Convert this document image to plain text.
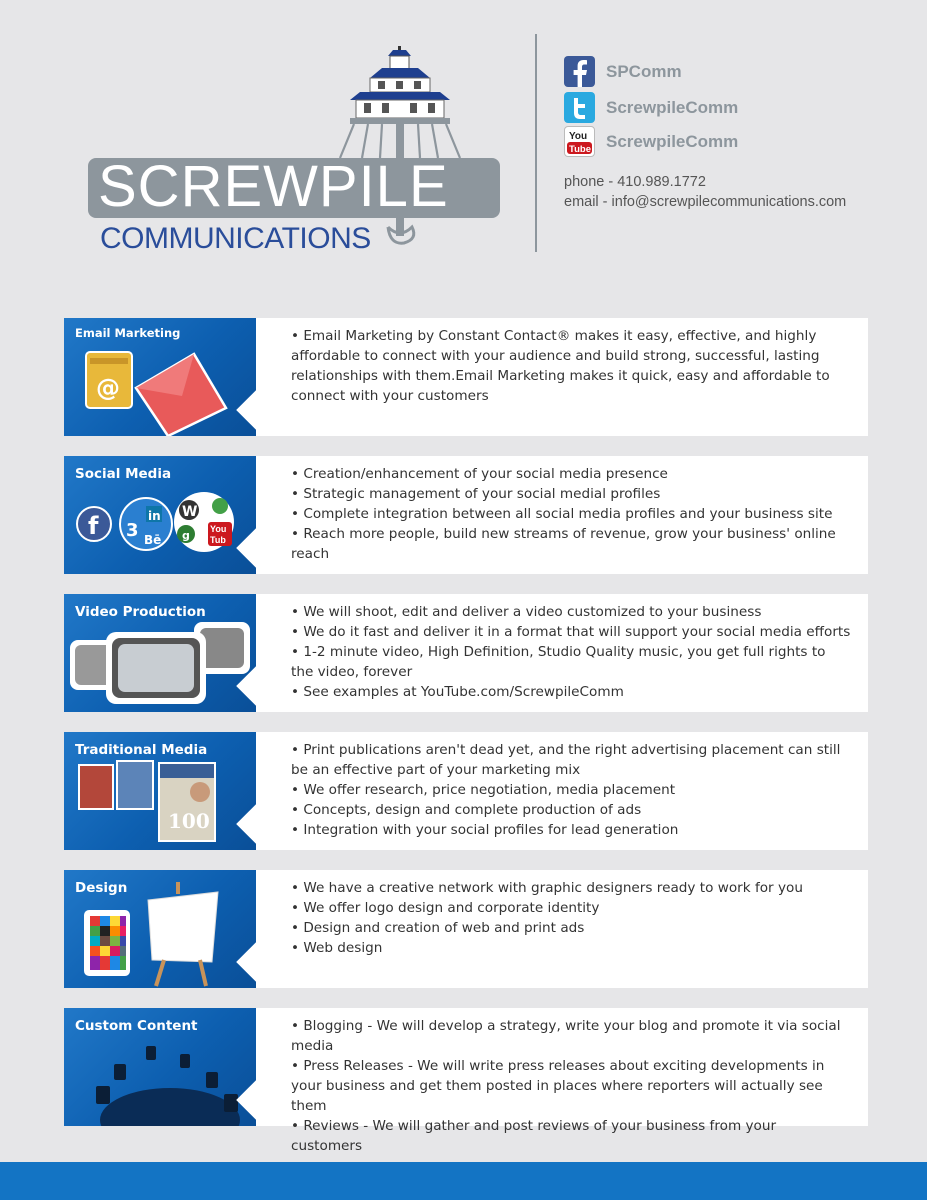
SCREWPILE
COMMUNICATIONS
SPComm
ScrewpileComm
You
Tube ScrewpileComm
phone - 410.989.1772
email - info@screwpilecommunications.com
Email Marketing
@

• Email Marketing by Constant Contact® makes it easy, effective, and highly affordable to connect with your audience and build strong, successful, lasting relationships with them.Email Marketing makes it quick, easy and affordable to connect with your customers

Social Media
f 3
in
Bē
W
g You
Tub

• Creation/enhancement of your social media presence

• Strategic management of your social medial profiles

• Complete integration between all social media profiles and your business site

• Reach more people, build new streams of revenue, grow your business' online reach

Video Production	• We will shoot, edit and deliver a video customized to your business

• We do it fast and deliver it in a format that will support your social media efforts

• 1-2 minute video, High Definition, Studio Quality music, you get full rights to the video, forever

• See examples at YouTube.com/ScrewpileComm

Traditional Media
100

• Print publications aren't dead yet, and the right advertising placement can still be an effective part of your marketing mix

• We offer research, price negotiation, media placement

• Concepts, design and complete production of ads

• Integration with your social profiles for lead generation

Design	• We have a creative network with graphic designers ready to work for you

• We offer logo design and corporate identity

• Design and creation of web and print ads

• Web design

Custom Content	• Blogging - We will develop a strategy, write your blog and promote it via social media

• Press Releases - We will write press releases about exciting developments in your business and get them posted in places where reporters will actually see them

• Reviews - We will gather and post reviews of your business from your customers
